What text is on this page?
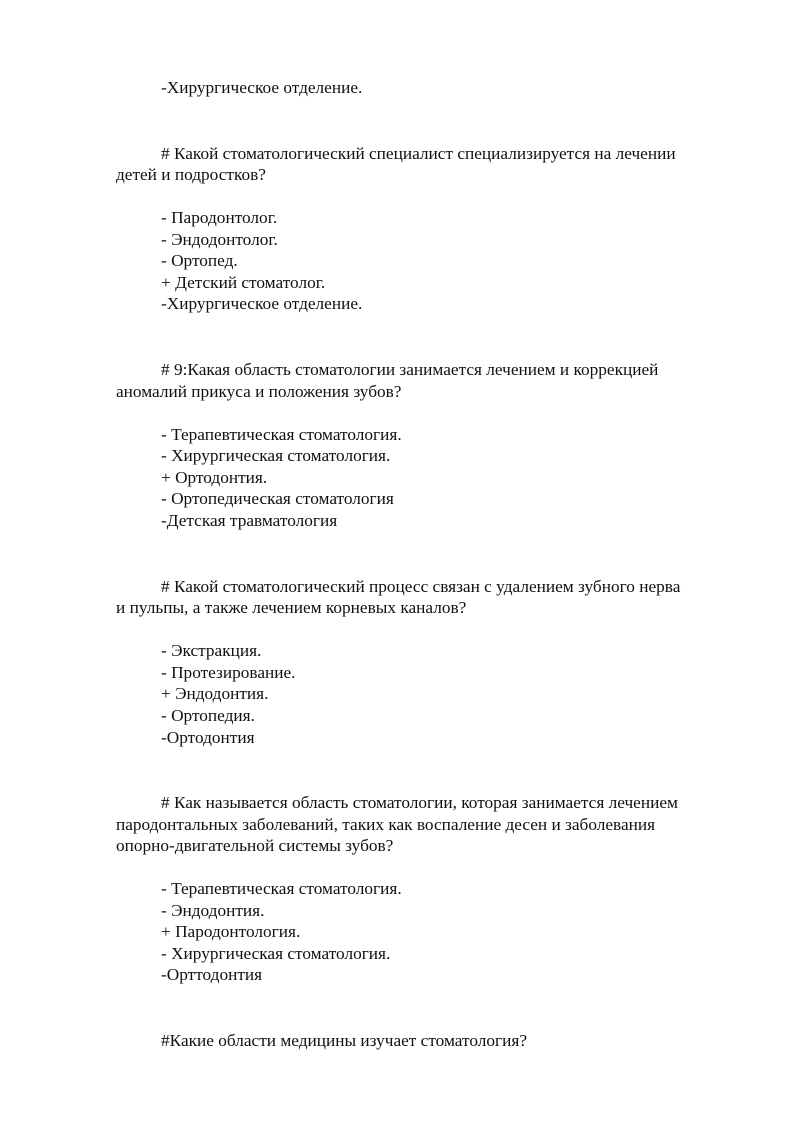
-Хирургическое отделение.
# Какой стоматологический специалист специализируется на лечении
детей и подростков?
- Пародонтолог.
- Эндодонтолог.
- Ортопед.
+ Детский стоматолог.
-Хирургическое отделение.
# 9:Какая область стоматологии занимается лечением и коррекцией
аномалий прикуса и положения зубов?
- Терапевтическая стоматология.
- Хирургическая стоматология.
+ Ортодонтия.
- Ортопедическая стоматология
-Детская травматология
# Какой стоматологический процесс связан с удалением зубного нерва
и пульпы, а также лечением корневых каналов?
- Экстракция.
- Протезирование.
+ Эндодонтия.
- Ортопедия.
-Ортодонтия
# Как называется область стоматологии, которая занимается лечением
пародонтальных заболеваний, таких как воспаление десен и заболевания
опорно-двигательной системы зубов?
- Терапевтическая стоматология.
- Эндодонтия.
+ Пародонтология.
- Хирургическая стоматология.
-Орттодонтия
#Какие области медицины изучает стоматология?
